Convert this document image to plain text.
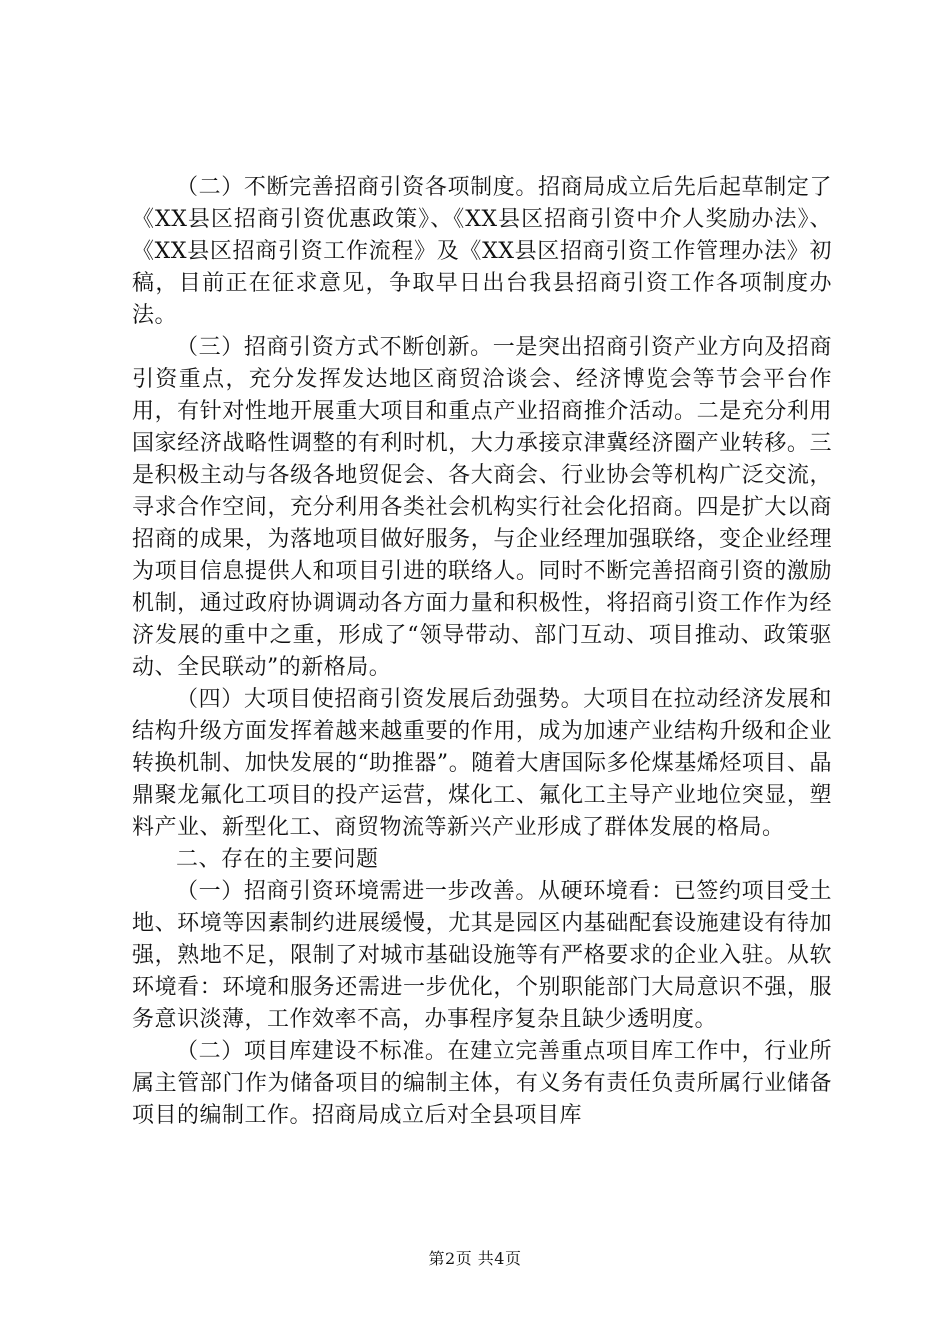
（二）不断完善招商引资各项制度。招商局成立后先后起草制定了《XX县区招商引资优惠政策》、《XX县区招商引资中介人奖励办法》、《XX县区招商引资工作流程》及《XX县区招商引资工作管理办法》初稿，目前正在征求意见，争取早日出台我县招商引资工作各项制度办法。

（三）招商引资方式不断创新。一是突出招商引资产业方向及招商引资重点，充分发挥发达地区商贸洽谈会、经济博览会等节会平台作用，有针对性地开展重大项目和重点产业招商推介活动。二是充分利用国家经济战略性调整的有利时机，大力承接京津冀经济圈产业转移。三是积极主动与各级各地贸促会、各大商会、行业协会等机构广泛交流，寻求合作空间，充分利用各类社会机构实行社会化招商。四是扩大以商招商的成果，为落地项目做好服务，与企业经理加强联络，变企业经理为项目信息提供人和项目引进的联络人。同时不断完善招商引资的激励机制，通过政府协调调动各方面力量和积极性，将招商引资工作作为经济发展的重中之重，形成了“领导带动、部门互动、项目推动、政策驱动、全民联动”的新格局。

（四）大项目使招商引资发展后劲强势。大项目在拉动经济发展和结构升级方面发挥着越来越重要的作用，成为加速产业结构升级和企业转换机制、加快发展的“助推器”。随着大唐国际多伦煤基烯烃项目、晶鼎聚龙氟化工项目的投产运营，煤化工、氟化工主导产业地位突显，塑料产业、新型化工、商贸物流等新兴产业形成了群体发展的格局。

二、存在的主要问题

（一）招商引资环境需进一步改善。从硬环境看：已签约项目受土地、环境等因素制约进展缓慢，尤其是园区内基础配套设施建设有待加强，熟地不足，限制了对城市基础设施等有严格要求的企业入驻。从软环境看：环境和服务还需进一步优化，个别职能部门大局意识不强，服务意识淡薄，工作效率不高，办事程序复杂且缺少透明度。

（二）项目库建设不标准。在建立完善重点项目库工作中，行业所属主管部门作为储备项目的编制主体，有义务有责任负责所属行业储备项目的编制工作。招商局成立后对全县项目库

第2页 共4页
